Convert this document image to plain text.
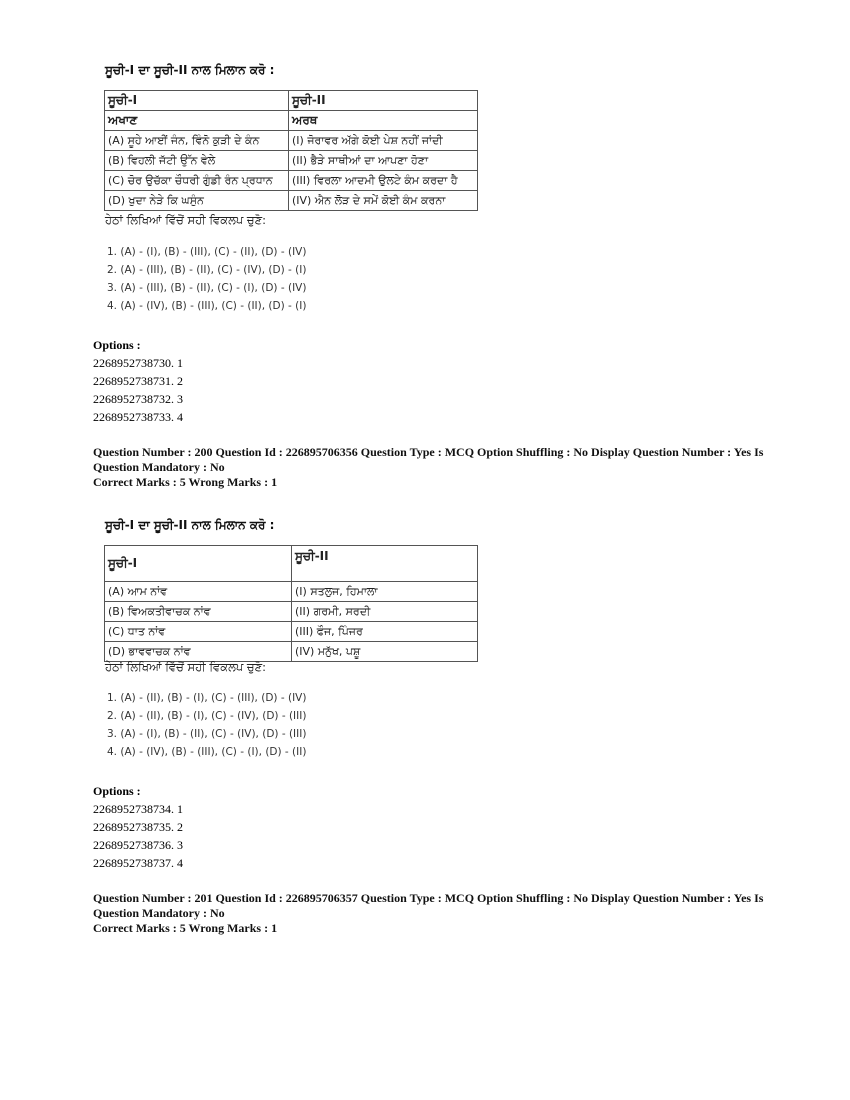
ਸੂਚੀ-I ਦਾ ਸੂਚੀ-II ਨਾਲ ਮਿਲਾਨ ਕਰੋ :
ਸੂਚੀ-I	ਸੂਚੀ-II
ਅਖਾਣ	ਅਰਥ
(A) ਸੂਹੇ ਆਈਂ ਜੰਨ, ਵਿੰਨੋ ਕੁੜੀ ਦੇ ਕੰਨ	(I) ਜੋਰਾਵਰ ਅੱਗੇ ਕੋਈ ਪੇਸ਼ ਨਹੀਂ ਜਾਂਦੀ
(B) ਵਿਹਲੀ ਜੱਟੀ ਉੱਨ ਵੇਲੇ	(II) ਭੈੜੇ ਸਾਥੀਆਂ ਦਾ ਆਪਣਾ ਹੋਣਾ
(C) ਚੋਰ ਉਚੱਕਾ ਚੌਧਰੀ ਗੁੰਡੀ ਰੰਨ ਪ੍ਰਧਾਨ	(III) ਵਿਰਲਾ ਆਦਮੀ ਉਲਟੇ ਕੰਮ ਕਰਦਾ ਹੈ
(D) ਖੁਦਾ ਨੇੜੇ ਕਿ ਘਸੁੰਨ	(IV) ਐਨ ਲੋੜ ਦੇ ਸਮੇਂ ਕੋਈ ਕੰਮ ਕਰਨਾ
ਹੇਠਾਂ ਲਿਖਿਆਂ ਵਿੱਚੋਂ ਸਹੀ ਵਿਕਲਪ ਚੁਣੋ:
1. (A) - (I), (B) - (III), (C) - (II), (D) - (IV)
2. (A) - (III), (B) - (II), (C) - (IV), (D) - (I)
3. (A) - (III), (B) - (II), (C) - (I), (D) - (IV)
4. (A) - (IV), (B) - (III), (C) - (II), (D) - (I)
Options :
2268952738730. 1
2268952738731. 2
2268952738732. 3
2268952738733. 4
Question Number : 200 Question Id : 226895706356 Question Type : MCQ Option Shuffling : No Display Question Number : Yes Is
Question Mandatory : No
Correct Marks : 5 Wrong Marks : 1
ਸੂਚੀ-I ਦਾ ਸੂਚੀ-II ਨਾਲ ਮਿਲਾਨ ਕਰੋ :
ਸੂਚੀ-I	ਸੂਚੀ-II
(A) ਆਮ ਨਾਂਵ	(I) ਸਤਲੁਜ, ਹਿਮਾਲਾ
(B) ਵਿਅਕਤੀਵਾਚਕ ਨਾਂਵ	(II) ਗਰਮੀ, ਸਰਦੀ
(C) ਧਾਤ ਨਾਂਵ	(III) ਫੌਜ, ਪਿੰਜਰ
(D) ਭਾਵਵਾਚਕ ਨਾਂਵ	(IV) ਮਨੁੱਖ, ਪਸ਼ੂ
ਹੇਠਾਂ ਲਿਖਿਆਂ ਵਿੱਚੋਂ ਸਹੀ ਵਿਕਲਪ ਚੁਣੋ:
1. (A) - (II), (B) - (I), (C) - (III), (D) - (IV)
2. (A) - (II), (B) - (I), (C) - (IV), (D) - (III)
3. (A) - (I), (B) - (II), (C) - (IV), (D) - (III)
4. (A) - (IV), (B) - (III), (C) - (I), (D) - (II)
Options :
2268952738734. 1
2268952738735. 2
2268952738736. 3
2268952738737. 4
Question Number : 201 Question Id : 226895706357 Question Type : MCQ Option Shuffling : No Display Question Number : Yes Is
Question Mandatory : No
Correct Marks : 5 Wrong Marks : 1
